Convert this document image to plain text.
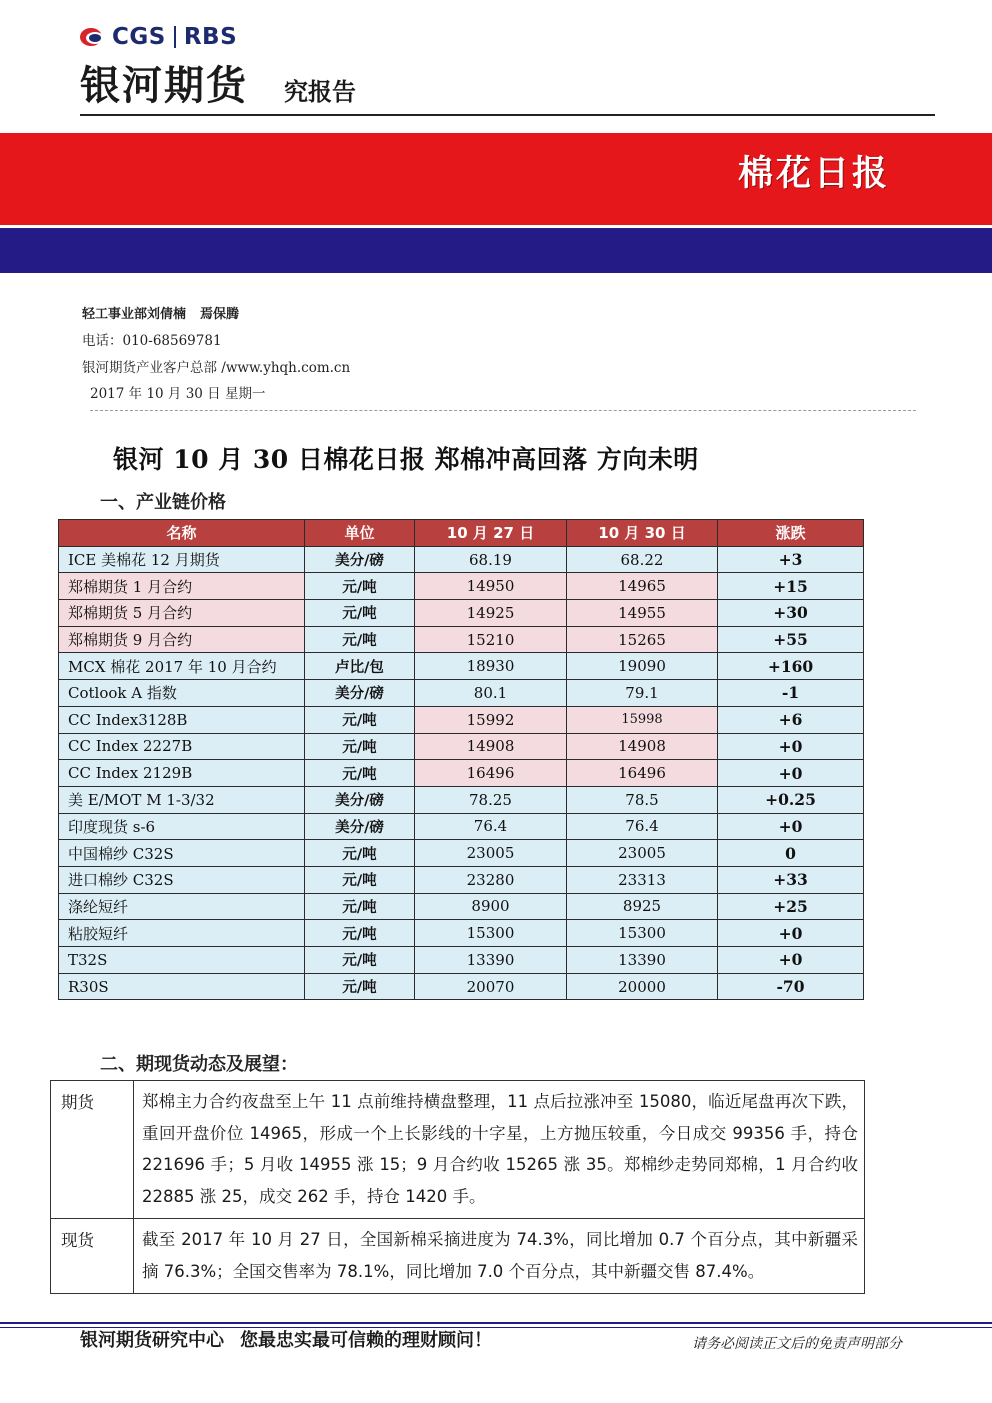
CGS RBS
银河期货 究报告
棉花日报
轻工事业部刘倩楠 焉保腾
电话：010-68569781
银河期货产业客户总部 /www.yhqh.com.cn
2017 年 10 月 30 日 星期一
银河 10 月 30 日棉花日报 郑棉冲高回落 方向未明
一、产业链价格
名称	单位	10 月 27 日	10 月 30 日	涨跌
ICE 美棉花 12 月期货	美分/磅	68.19	68.22	+3
郑棉期货 1 月合约	元/吨	14950	14965	+15
郑棉期货 5 月合约	元/吨	14925	14955	+30
郑棉期货 9 月合约	元/吨	15210	15265	+55
MCX 棉花 2017 年 10 月合约	卢比/包	18930	19090	+160
Cotlook A 指数	美分/磅	80.1	79.1	-1
CC Index3128B	元/吨	15992	15998	+6
CC Index 2227B	元/吨	14908	14908	+0
CC Index 2129B	元/吨	16496	16496	+0
美 E/MOT M 1-3/32	美分/磅	78.25	78.5	+0.25
印度现货 s-6	美分/磅	76.4	76.4	+0
中国棉纱 C32S	元/吨	23005	23005	0
进口棉纱 C32S	元/吨	23280	23313	+33
涤纶短纤	元/吨	8900	8925	+25
粘胶短纤	元/吨	15300	15300	+0
T32S	元/吨	13390	13390	+0
R30S	元/吨	20070	20000	-70
二、期现货动态及展望：
期货	郑棉主力合约夜盘至上午 11 点前维持横盘整理，11 点后拉涨冲至 15080，临近尾盘再次下跌，重回开盘价位 14965，形成一个上长影线的十字星，上方抛压较重，今日成交 99356 手，持仓 221696 手；5 月收 14955 涨 15；9 月合约收 15265 涨 35。郑棉纱走势同郑棉，1 月合约收 22885 涨 25，成交 262 手，持仓 1420 手。
现货	截至 2017 年 10 月 27 日，全国新棉采摘进度为 74.3%，同比增加 0.7 个百分点，其中新疆采摘 76.3%；全国交售率为 78.1%，同比增加 7.0 个百分点，其中新疆交售 87.4%。
银河期货研究中心 您最忠实最可信赖的理财顾问！	请务必阅读正文后的免责声明部分
